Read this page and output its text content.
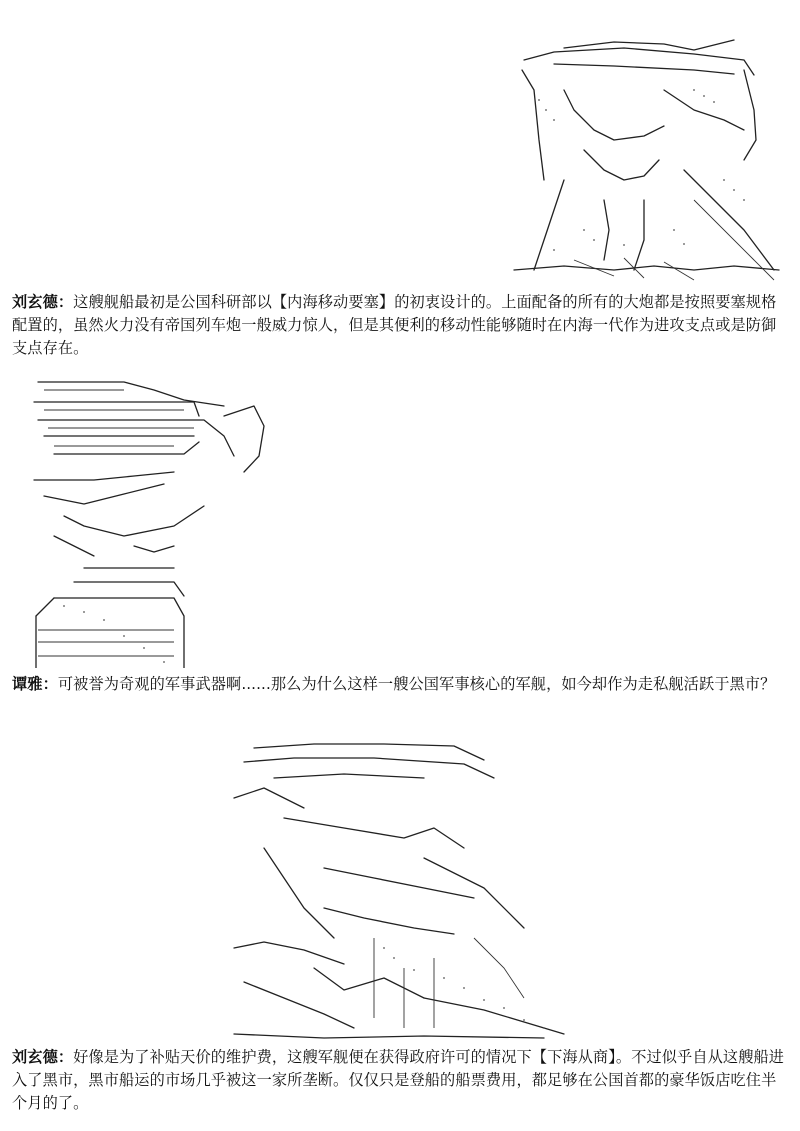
刘玄德：这艘舰船最初是公国科研部以【内海移动要塞】的初衷设计的。上面配备的所有的大炮都是按照要塞规格配置的，虽然火力没有帝国列车炮一般威力惊人，但是其便利的移动性能够随时在内海一代作为进攻支点或是防御支点存在。

谭雅：可被誉为奇观的军事武器啊......那么为什么这样一艘公国军事核心的军舰，如今却作为走私舰活跃于黑市？

刘玄德：好像是为了补贴天价的维护费，这艘军舰便在获得政府许可的情况下【下海从商】。不过似乎自从这艘船进入了黑市，黑市船运的市场几乎被这一家所垄断。仅仅只是登船的船票费用，都足够在公国首都的豪华饭店吃住半个月的了。
